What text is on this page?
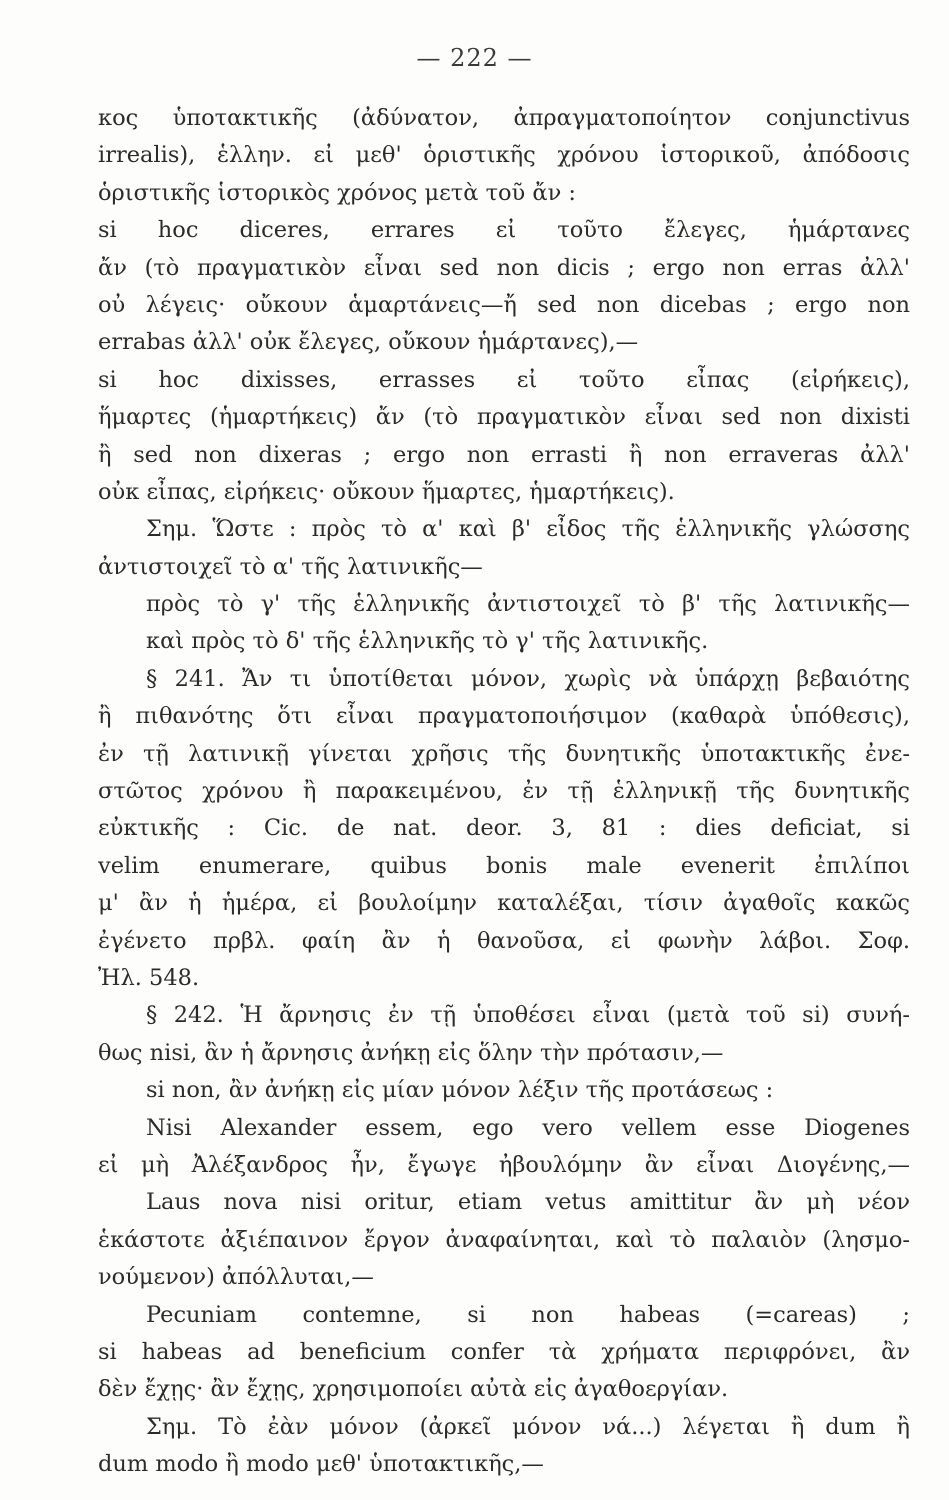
— 222 —
κος ὑποτακτικῆς (ἀδύνατον, ἀπραγματοποίητον conjunctivus
irrealis), ἑλλην. εἰ μεθ' ὁριστικῆς χρόνου ἱστορικοῦ, ἀπόδοσις
ὁριστικῆς ἱστορικὸς χρόνος μετὰ τοῦ ἄν :
si hoc diceres, errares εἰ τοῦτο ἔλεγες, ἡμάρτανες
ἄν (τὸ πραγματικὸν εἶναι sed non dicis ; ergo non erras ἀλλ'
οὐ λέγεις· οὔκουν ἁμαρτάνεις—ἤ sed non dicebas ; ergo non
errabas ἀλλ' οὐκ ἔλεγες, οὔκουν ἡμάρτανες),—
si hoc dixisses, errasses εἰ τοῦτο εἶπας (εἰρήκεις),
ἥμαρτες (ἡμαρτήκεις) ἄν (τὸ πραγματικὸν εἶναι sed non dixisti
ἢ sed non dixeras ; ergo non errasti ἢ non erraveras ἀλλ'
οὐκ εἶπας, εἰρήκεις· οὔκουν ἥμαρτες, ἡμαρτήκεις).
Σημ. Ὥστε : πρὸς τὸ α' καὶ β' εἶδος τῆς ἑλληνικῆς γλώσσης
ἀντιστοιχεῖ τὸ α' τῆς λατινικῆς—
πρὸς τὸ γ' τῆς ἑλληνικῆς ἀντιστοιχεῖ τὸ β' τῆς λατινικῆς—
καὶ πρὸς τὸ δ' τῆς ἑλληνικῆς τὸ γ' τῆς λατινικῆς.
§ 241. Ἄν τι ὑποτίθεται μόνον, χωρὶς νὰ ὑπάρχῃ βεβαιότης
ἢ πιθανότης ὅτι εἶναι πραγματοποιήσιμον (καθαρὰ ὑπόθεσις),
ἐν τῇ λατινικῇ γίνεται χρῆσις τῆς δυνητικῆς ὑποτακτικῆς ἐνε-
στῶτος χρόνου ἢ παρακειμένου, ἐν τῇ ἑλληνικῇ τῆς δυνητικῆς
εὐκτικῆς : Cic. de nat. deor. 3, 81 : dies deficiat, si
velim enumerare, quibus bonis male evenerit ἐπιλίποι
μ' ἂν ἡ ἡμέρα, εἰ βουλοίμην καταλέξαι, τίσιν ἀγαθοῖς κακῶς
ἐγένετο πρβλ. φαίη ἂν ἡ θανοῦσα, εἰ φωνὴν λάβοι. Σοφ.
Ἠλ. 548.
§ 242. Ἡ ἄρνησις ἐν τῇ ὑποθέσει εἶναι (μετὰ τοῦ si) συνή-
θως nisi, ἂν ἡ ἄρνησις ἀνήκῃ εἰς ὅλην τὴν πρότασιν,—
si non, ἂν ἀνήκῃ εἰς μίαν μόνον λέξιν τῆς προτάσεως :
Nisi Alexander essem, ego vero vellem esse Diogenes
εἰ μὴ Ἀλέξανδρος ἦν, ἔγωγε ἠβουλόμην ἂν εἶναι Διογένης,—
Laus nova nisi oritur, etiam vetus amittitur ἂν μὴ νέον
ἑκάστοτε ἀξιέπαινον ἔργον ἀναφαίνηται, καὶ τὸ παλαιὸν (λησμο-
νούμενον) ἀπόλλυται,—
Pecuniam contemne, si non habeas (=careas) ;
si habeas ad beneficium confer τὰ χρήματα περιφρόνει, ἂν
δὲν ἔχῃς· ἂν ἔχῃς, χρησιμοποίει αὐτὰ εἰς ἀγαθοεργίαν.
Σημ. Τὸ ἐὰν μόνον (ἀρκεῖ μόνον νά...) λέγεται ἢ dum ἢ
dum modo ἢ modo μεθ' ὑποτακτικῆς,—
